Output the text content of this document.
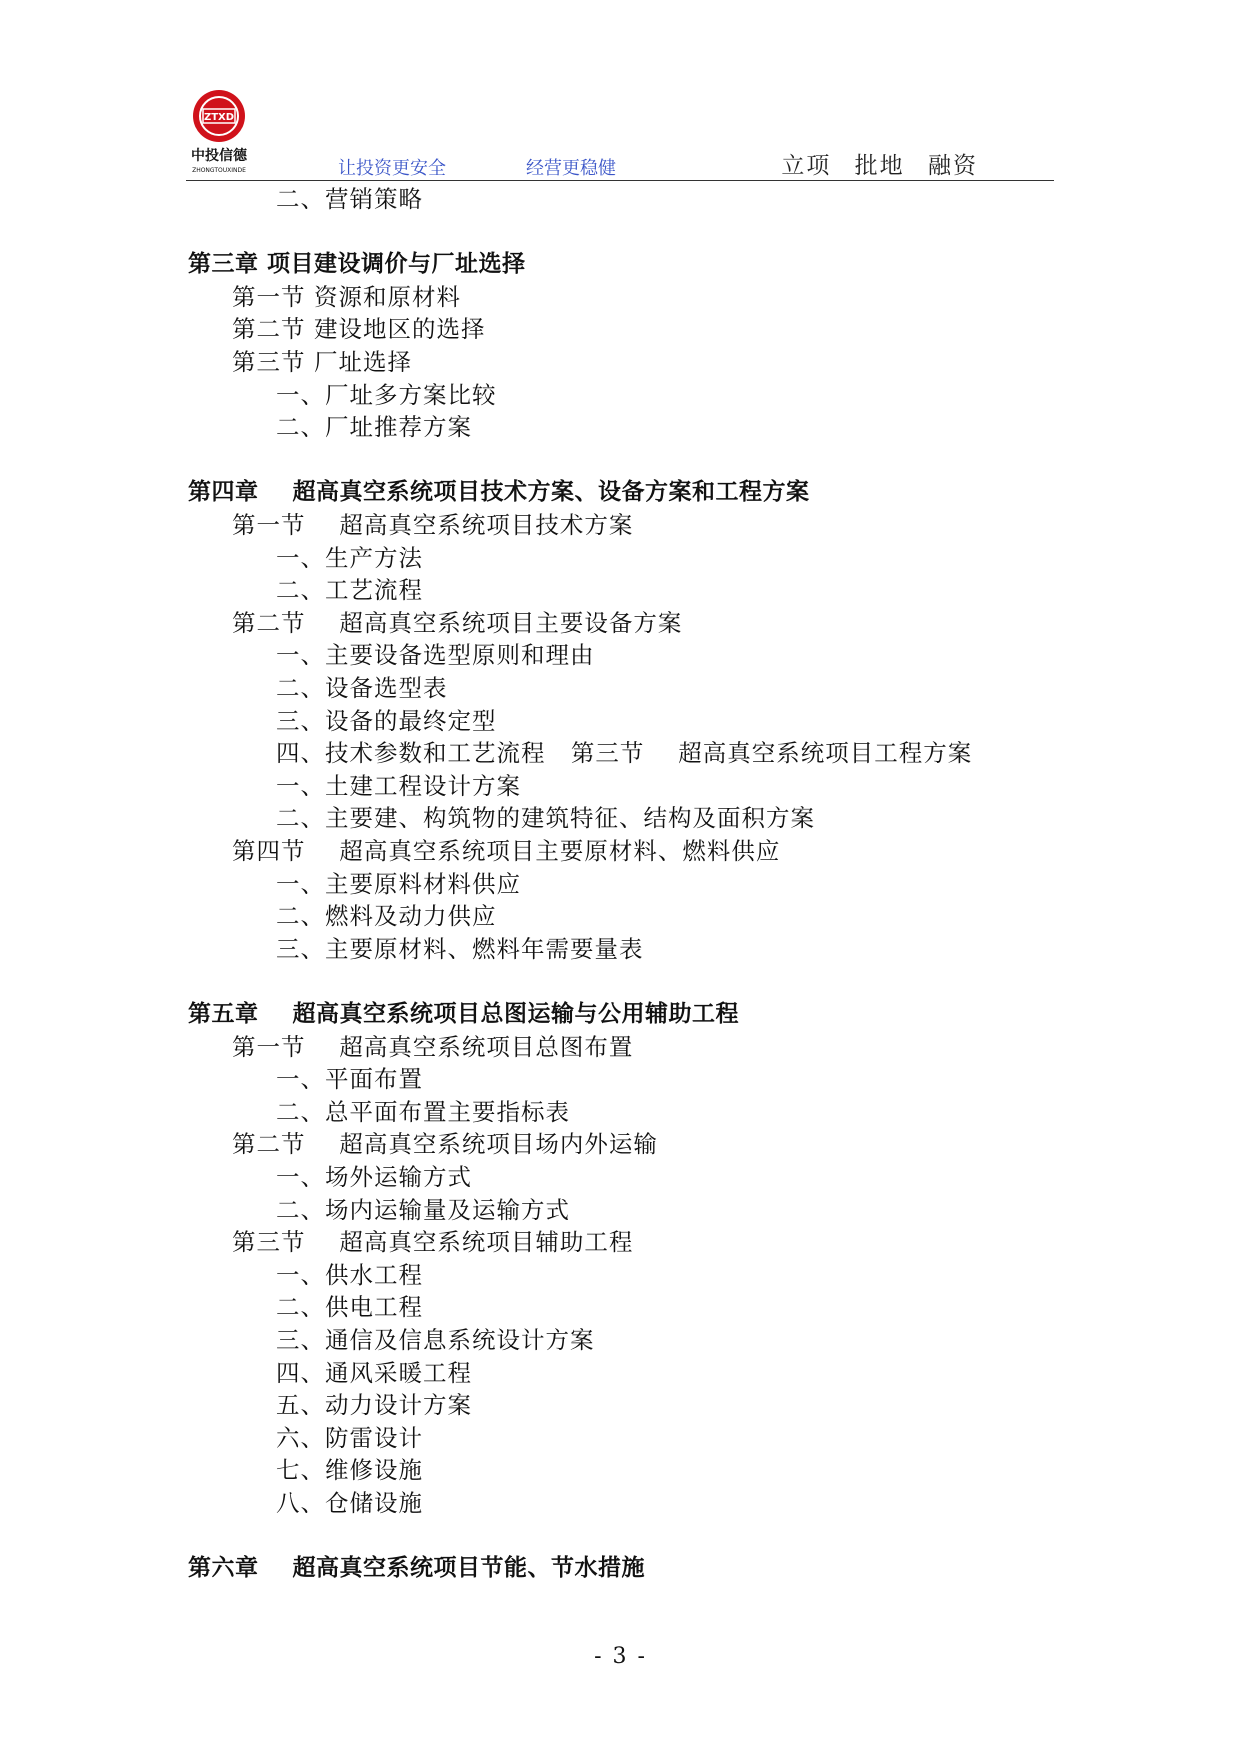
ZTXD
中投信德
ZHONGTOUXINDE	让投资更安全	经营更稳健	立项 批地 融资
二、营销策略
第三章 项目建设调价与厂址选择
第一节 资源和原材料
第二节 建设地区的选择
第三节 厂址选择
一、厂址多方案比较
二、厂址推荐方案
第四章    超高真空系统项目技术方案、设备方案和工程方案
第一节    超高真空系统项目技术方案
一、生产方法
二、工艺流程
第二节    超高真空系统项目主要设备方案
一、主要设备选型原则和理由
二、设备选型表
三、设备的最终定型
四、技术参数和工艺流程   第三节    超高真空系统项目工程方案
一、土建工程设计方案
二、主要建、构筑物的建筑特征、结构及面积方案
第四节    超高真空系统项目主要原材料、燃料供应
一、主要原料材料供应
二、燃料及动力供应
三、主要原材料、燃料年需要量表
第五章    超高真空系统项目总图运输与公用辅助工程
第一节    超高真空系统项目总图布置
一、平面布置
二、总平面布置主要指标表
第二节    超高真空系统项目场内外运输
一、场外运输方式
二、场内运输量及运输方式
第三节    超高真空系统项目辅助工程
一、供水工程
二、供电工程
三、通信及信息系统设计方案
四、通风采暖工程
五、动力设计方案
六、防雷设计
七、维修设施
八、仓储设施
第六章    超高真空系统项目节能、节水措施
- 3 -
